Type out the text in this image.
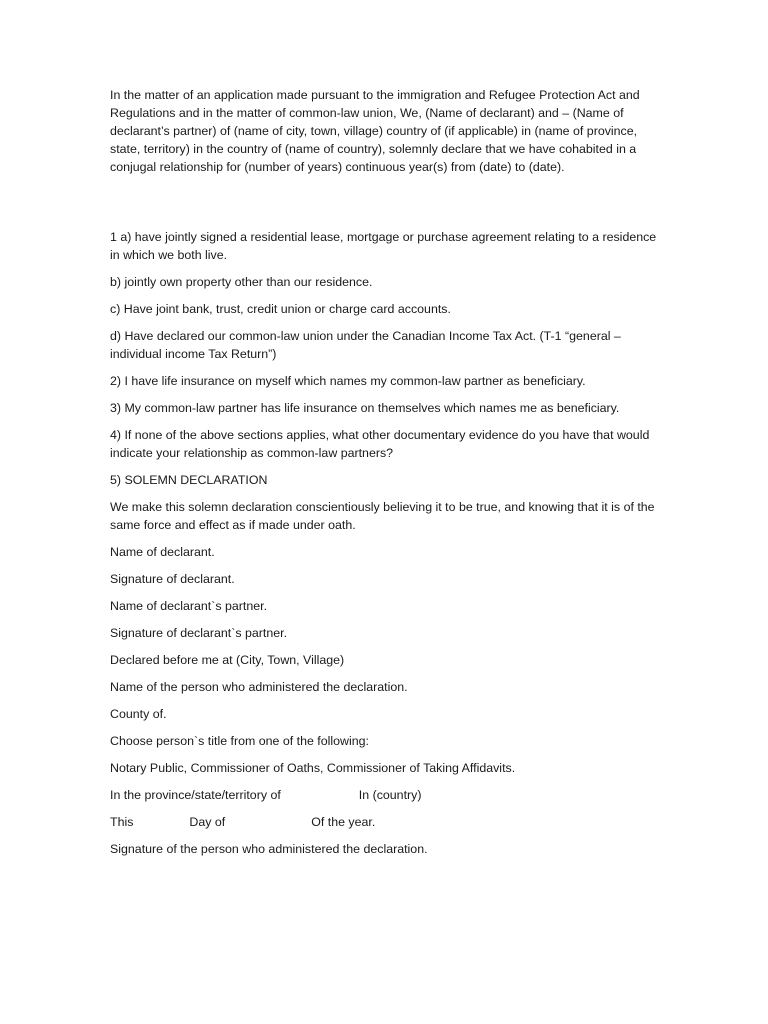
In the matter of an application made pursuant to the immigration and Refugee Protection Act and Regulations and in the matter of common-law union, We, (Name of declarant) and – (Name of declarant’s partner) of (name of city, town, village) country of (if applicable) in (name of province, state, territory) in the country of (name of country), solemnly declare that we have cohabited in a conjugal relationship for (number of years) continuous year(s) from (date) to (date).

1 a) have jointly signed a residential lease, mortgage or purchase agreement relating to a residence in which we both live.

b) jointly own property other than our residence.

c) Have joint bank, trust, credit union or charge card accounts.

d) Have declared our common-law union under the Canadian Income Tax Act. (T-1 “general – individual income Tax Return”)

2) I have life insurance on myself which names my common-law partner as beneficiary.

3) My common-law partner has life insurance on themselves which names me as beneficiary.

4) If none of the above sections applies, what other documentary evidence do you have that would indicate your relationship as common-law partners?

5) SOLEMN DECLARATION

We make this solemn declaration conscientiously believing it to be true, and knowing that it is of the same force and effect as if made under oath.

Name of declarant.

Signature of declarant.

Name of declarant`s partner.

Signature of declarant`s partner.

Declared before me at (City, Town, Village)

Name of the person who administered the declaration.

County of.

Choose person`s title from one of the following:

Notary Public, Commissioner of Oaths, Commissioner of Taking Affidavits.

In the province/state/territory of	In (country)

This	Day of	Of the year.

Signature of the person who administered the declaration.
